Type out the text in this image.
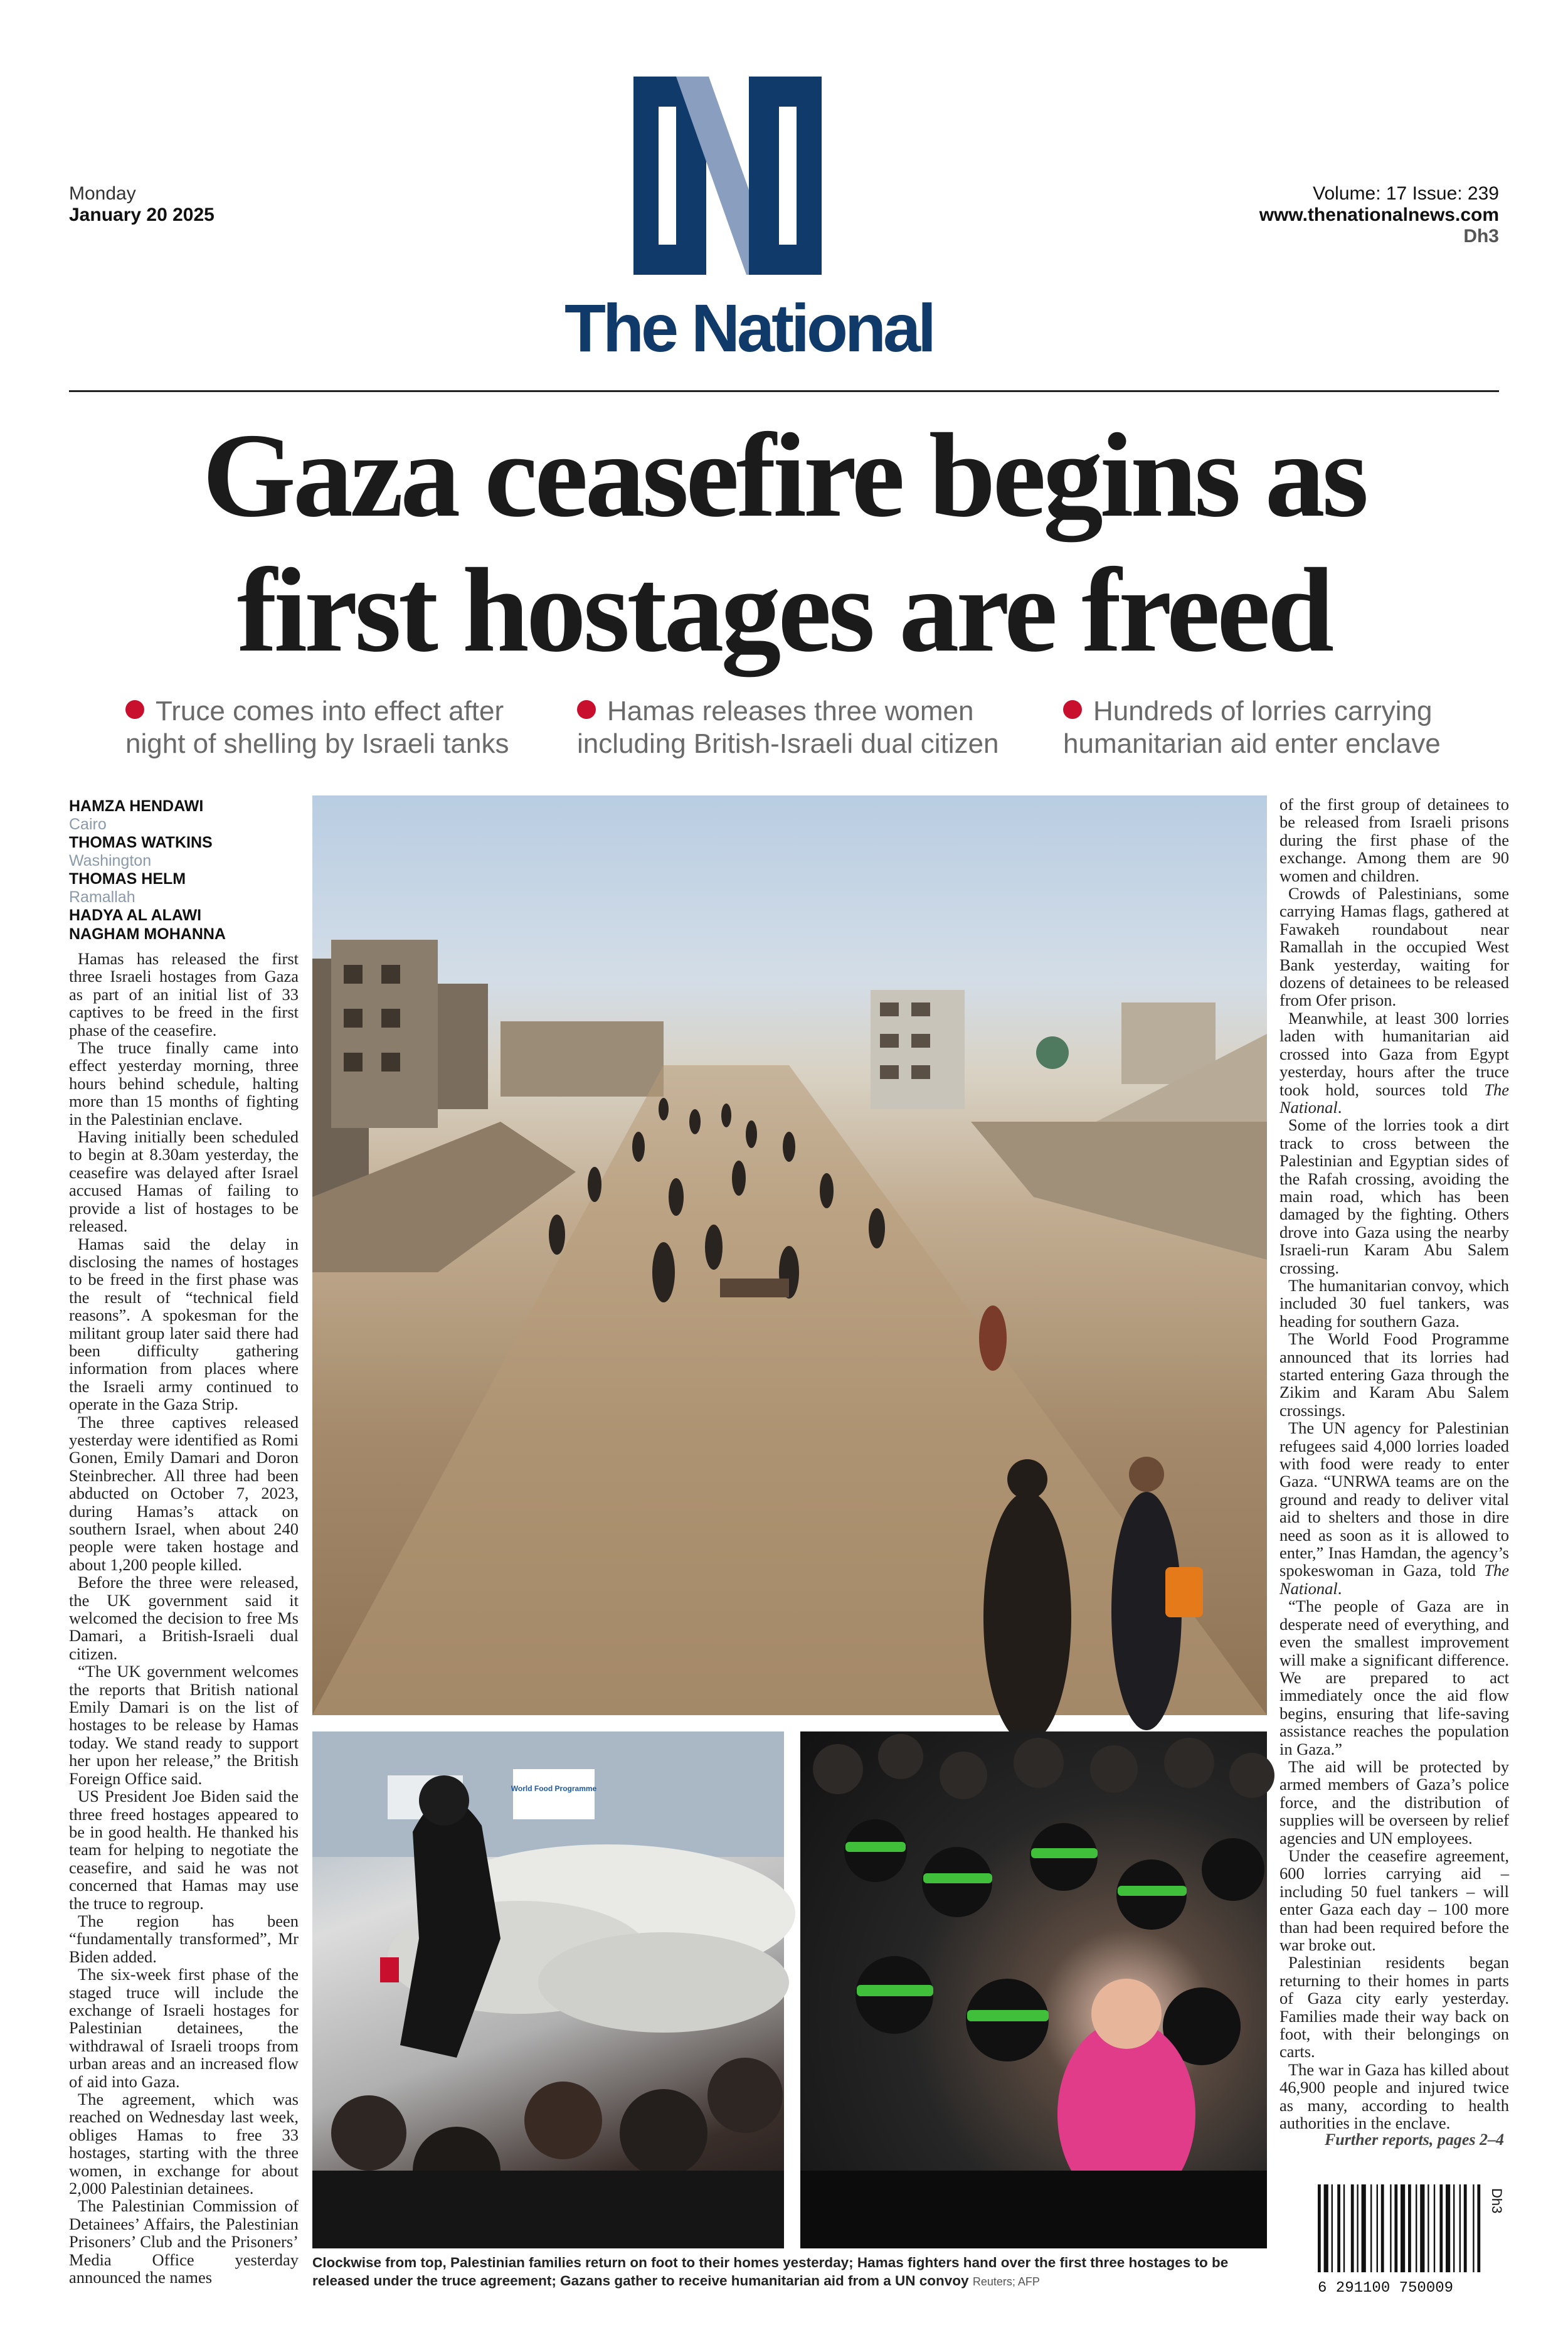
Monday
January 20 2025
Volume: 17 Issue: 239
www.thenationalnews.com
Dh3
The National
Gaza ceasefire begins as
first hostages are freed
Truce comes into effect after
night of shelling by Israeli tanks
Hamas releases three women
including British-Israeli dual citizen
Hundreds of lorries carrying
humanitarian aid enter enclave
HAMZA HENDAWI
Cairo
THOMAS WATKINS
Washington
THOMAS HELM
Ramallah
HADYA AL ALAWI
NAGHAM MOHANNA

Hamas has released the first three Israeli hostages from Gaza as part of an initial list of 33 captives to be freed in the first phase of the ceasefire.

The truce finally came into effect yesterday morning, three hours behind schedule, halting more than 15 months of fighting in the Palestinian enclave.

Having initially been scheduled to begin at 8.30am yesterday, the ceasefire was delayed after Israel accused Hamas of failing to provide a list of hostages to be released.

Hamas said the delay in disclosing the names of hostages to be freed in the first phase was the result of “technical field reasons”. A spokesman for the militant group later said there had been difficulty gathering information from places where the Israeli army continued to operate in the Gaza Strip.

The three captives released yesterday were identified as Romi Gonen, Emily Damari and Doron Steinbrecher. All three had been abducted on October 7, 2023, during Hamas’s attack on southern Israel, when about 240 people were taken hostage and about 1,200 people killed.

Before the three were released, the UK government said it welcomed the decision to free Ms Damari, a British-Israeli dual citizen.

“The UK government welcomes the reports that British national Emily Damari is on the list of hostages to be release by Hamas today. We stand ready to support her upon her release,” the British Foreign Office said.

US President Joe Biden said the three freed hostages appeared to be in good health. He thanked his team for helping to negotiate the ceasefire, and said he was not concerned that Hamas may use the truce to regroup.

The region has been “fundamentally transformed”, Mr Biden added.

The six-week first phase of the staged truce will include the exchange of Israeli hostages for Palestinian detainees, the withdrawal of Israeli troops from urban areas and an increased flow of aid into Gaza.

The agreement, which was reached on Wednesday last week, obliges Hamas to free 33 hostages, starting with the three women, in exchange for about 2,000 Palestinian detainees.

The Palestinian Commission of Detainees’ Affairs, the Palestinian Prisoners’ Club and the Prisoners’ Media Office yesterday announced the names

of the first group of detainees to be released from Israeli prisons during the first phase of the exchange. Among them are 90 women and children.

Crowds of Palestinians, some carrying Hamas flags, gathered at Fawakeh roundabout near Ramallah in the occupied West Bank yesterday, waiting for dozens of detainees to be released from Ofer prison.

Meanwhile, at least 300 lorries laden with humanitarian aid crossed into Gaza from Egypt yesterday, hours after the truce took hold, sources told The National.

Some of the lorries took a dirt track to cross between the Palestinian and Egyptian sides of the Rafah crossing, avoiding the main road, which has been damaged by the fighting. Others drove into Gaza using the nearby Israeli-run Karam Abu Salem crossing.

The humanitarian convoy, which included 30 fuel tankers, was heading for southern Gaza.

The World Food Programme announced that its lorries had started entering Gaza through the Zikim and Karam Abu Salem crossings.

The UN agency for Palestinian refugees said 4,000 lorries loaded with food were ready to enter Gaza. “UNRWA teams are on the ground and ready to deliver vital aid to shelters and those in dire need as soon as it is allowed to enter,” Inas Hamdan, the agency’s spokeswoman in Gaza, told The National.

“The people of Gaza are in desperate need of everything, and even the smallest improvement will make a significant difference. We are prepared to act immediately once the aid flow begins, ensuring that life-saving assistance reaches the population in Gaza.”

The aid will be protected by armed members of Gaza’s police force, and the distribution of supplies will be overseen by relief agencies and UN employees.

Under the ceasefire agreement, 600 lorries carrying aid – including 50 fuel tankers – will enter Gaza each day – 100 more than had been required before the war broke out.

Palestinian residents began returning to their homes in parts of Gaza city early yesterday. Families made their way back on foot, with their belongings on carts.

The war in Gaza has killed about 46,900 people and injured twice as many, according to health authorities in the enclave.

Further reports, pages 2–4
World Food Programme
Clockwise from top, Palestinian families return on foot to their homes yesterday; Hamas fighters hand over the first three hostages to be released under the truce agreement; Gazans gather to receive humanitarian aid from a UN convoy Reuters; AFP	6 291100 750009
Dh3
